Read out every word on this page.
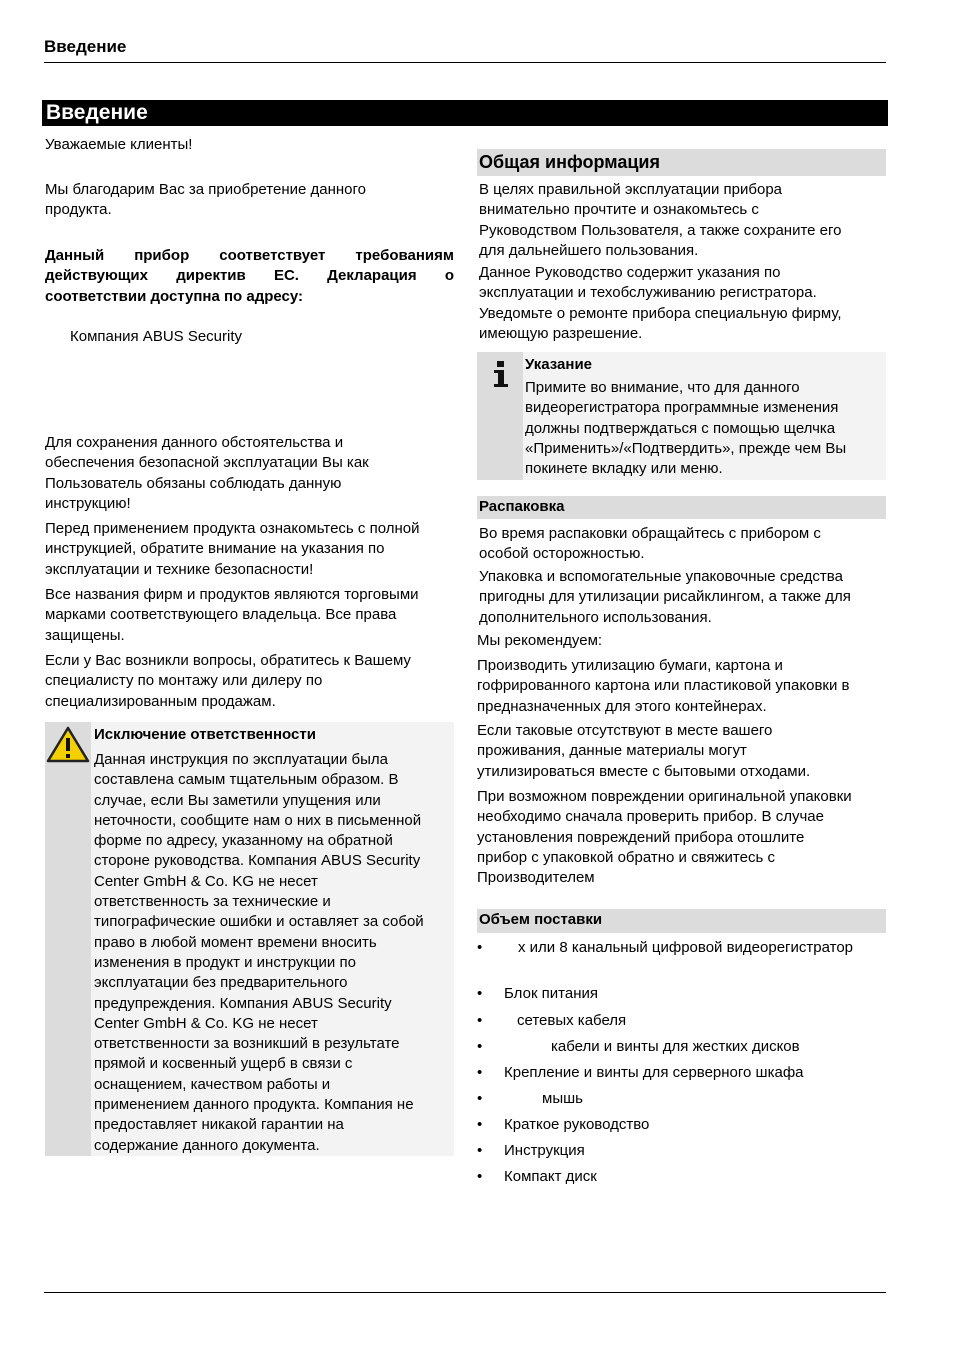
Введение
Введение
Уважаемые клиенты!
Мы благодарим Вас за приобретение данного
продукта.
Данный прибор соответствует требованиям
действующих директив ЕС. Декларация о
соответствии доступна по адресу:
Компания ABUS Security
Для сохранения данного обстоятельства и
обеспечения безопасной эксплуатации Вы как
Пользователь обязаны соблюдать данную
инструкцию!
Перед применением продукта ознакомьтесь с полной
инструкцией, обратите внимание на указания по
эксплуатации и технике безопасности!
Все названия фирм и продуктов являются торговыми
марками соответствующего владельца. Все права
защищены.
Если у Вас возникли вопросы, обратитесь к Вашему
специалисту по монтажу или дилеру по
специализированным продажам.
Исключение ответственности
Данная инструкция по эксплуатации была
составлена самым тщательным образом. В
случае, если Вы заметили упущения или
неточности, сообщите нам о них в письменной
форме по адресу, указанному на обратной
стороне руководства. Компания ABUS Security
Center GmbH & Co. KG не несет
ответственность за технические и
типографические ошибки и оставляет за собой
право в любой момент времени вносить
изменения в продукт и инструкции по
эксплуатации без предварительного
предупреждения. Компания ABUS Security
Center GmbH & Co. KG не несет
ответственности за возникший в результате
прямой и косвенный ущерб в связи с
оснащением, качеством работы и
применением данного продукта. Компания не
предоставляет никакой гарантии на
содержание данного документа.
Общая информация
В целях правильной эксплуатации прибора
внимательно прочтите и ознакомьтесь с
Руководством Пользователя, а также сохраните его
для дальнейшего пользования.
Данное Руководство содержит указания по
эксплуатации и техобслуживанию регистратора.
Уведомьте о ремонте прибора специальную фирму,
имеющую разрешение.
Указание
Примите во внимание, что для данного
видеорегистратора программные изменения
должны подтверждаться с помощью щелчка
«Применить»/«Подтвердить», прежде чем Вы
покинете вкладку или меню.
Распаковка
Во время распаковки обращайтесь с прибором с
особой осторожностью.
Упаковка и вспомогательные упаковочные средства
пригодны для утилизации рисайклингом, а также для
дополнительного использования.
Мы рекомендуем:
Производить утилизацию бумаги, картона и
гофрированного картона или пластиковой упаковки в
предназначенных для этого контейнерах.
Если таковые отсутствуют в месте вашего
проживания, данные материалы могут
утилизироваться вместе с бытовыми отходами.
При возможном повреждении оригинальной упаковки
необходимо сначала проверить прибор. В случае
установления повреждений прибора отошлите
прибор с упаковкой обратно и свяжитесь с
Производителем
Объем поставки
• х или 8 канальный цифровой видеорегистратор
• Блок питания
• сетевых кабеля
•	кабели и винты для жестких дисков
• Крепление и винты для серверного шкафа
•	мышь
• Краткое руководство
• Инструкция
• Компакт диск
